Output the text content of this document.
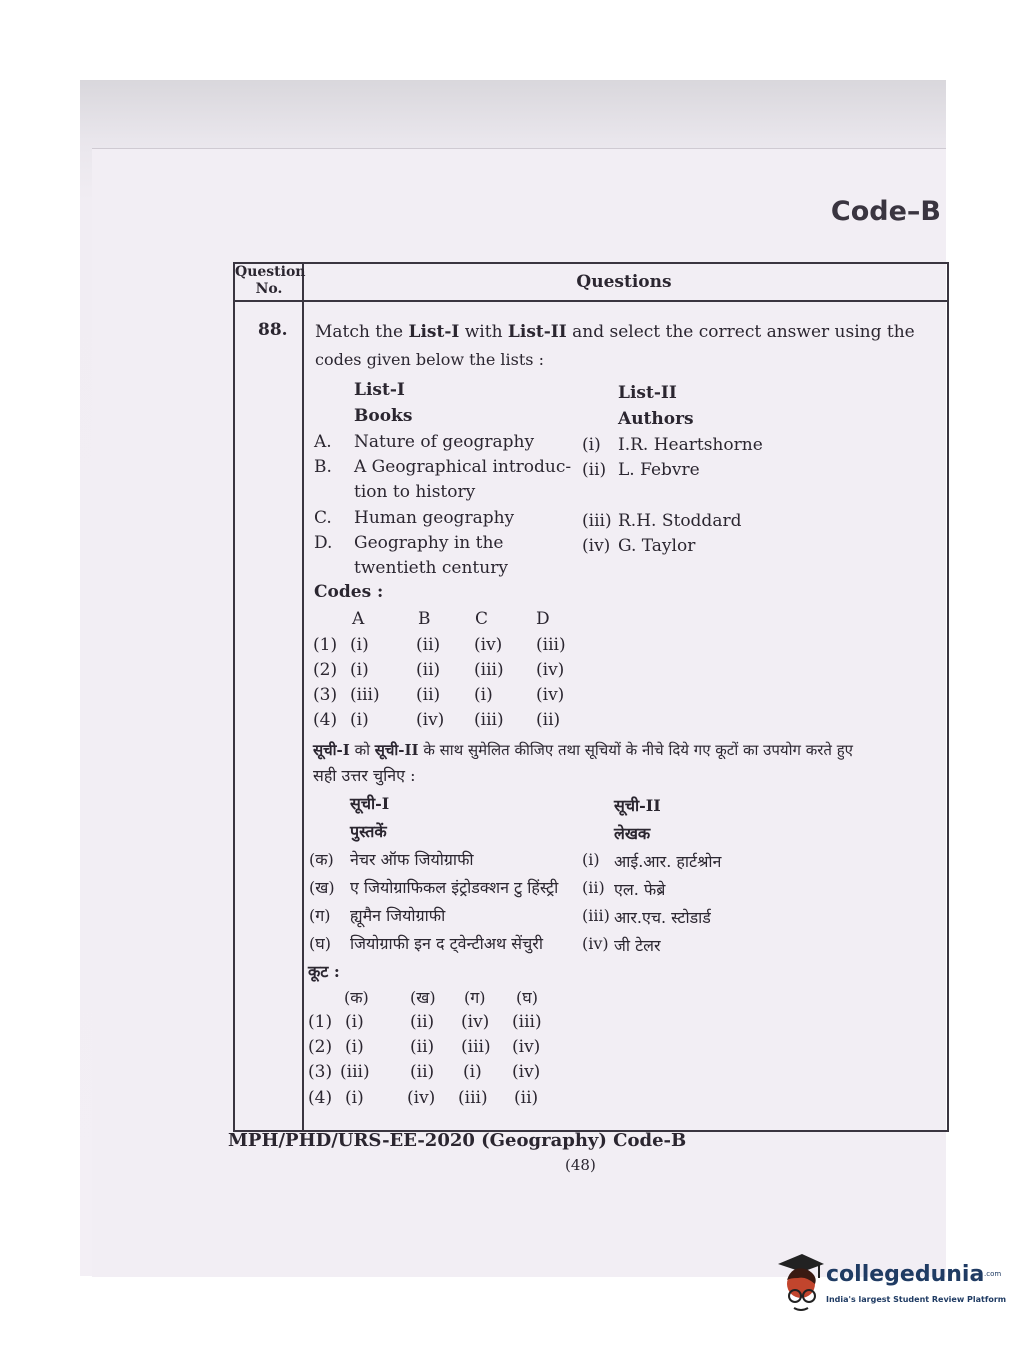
Code–B
Question
No.	Questions
88. Match the List-I with List-II and select the correct answer using the
codes given below the lists :
List-I
Books
List-II
Authors
A. Nature of geography	(i) I.R. Heartshorne
B. A Geographical introduc-
tion to history
(ii) L. Febvre
C. Human geography	(iii) R.H. Stoddard
D. Geography in the
twentieth century
(iv) G. Taylor
Codes :
A	B	C	D
(1) (i)	(ii) (iv) (iii)
(2) (i)	(ii) (iii) (iv)
(3) (iii) (ii) (i)	(iv)
(4) (i)	(iv) (iii) (ii)
सूची-I को सूची-II के साथ सुमेलित कीजिए तथा सूचियों के नीचे दिये गए कूटों का उपयोग करते हुए
सही उत्तर चुनिए :
सूची-I
पुस्तकें
सूची-II
लेखक
(क) नेचर ऑफ जियोग्राफी	(i) आई.आर. हार्टश्रोन
(ख) ए जियोग्राफिकल इंट्रोडक्शन टु हिंस्ट्री (ii) एल. फेब्रे
(ग) ह्यूमैन जियोग्राफी	(iii) आर.एच. स्टोडार्ड
(घ) जियोग्राफी इन द ट्वेन्टीअथ सेंचुरी (iv) जी टेलर
कूट :
(क)	(ख) (ग) (घ)
(1) (i)	(ii) (iv) (iii)
(2) (i)	(ii) (iii) (iv)
(3) (iii) (ii) (i) (iv)
(4) (i)	(iv) (iii) (ii)
MPH/PHD/URS-EE-2020 (Geography) Code-B
(48)
collegedunia .com
India's largest Student Review Platform
